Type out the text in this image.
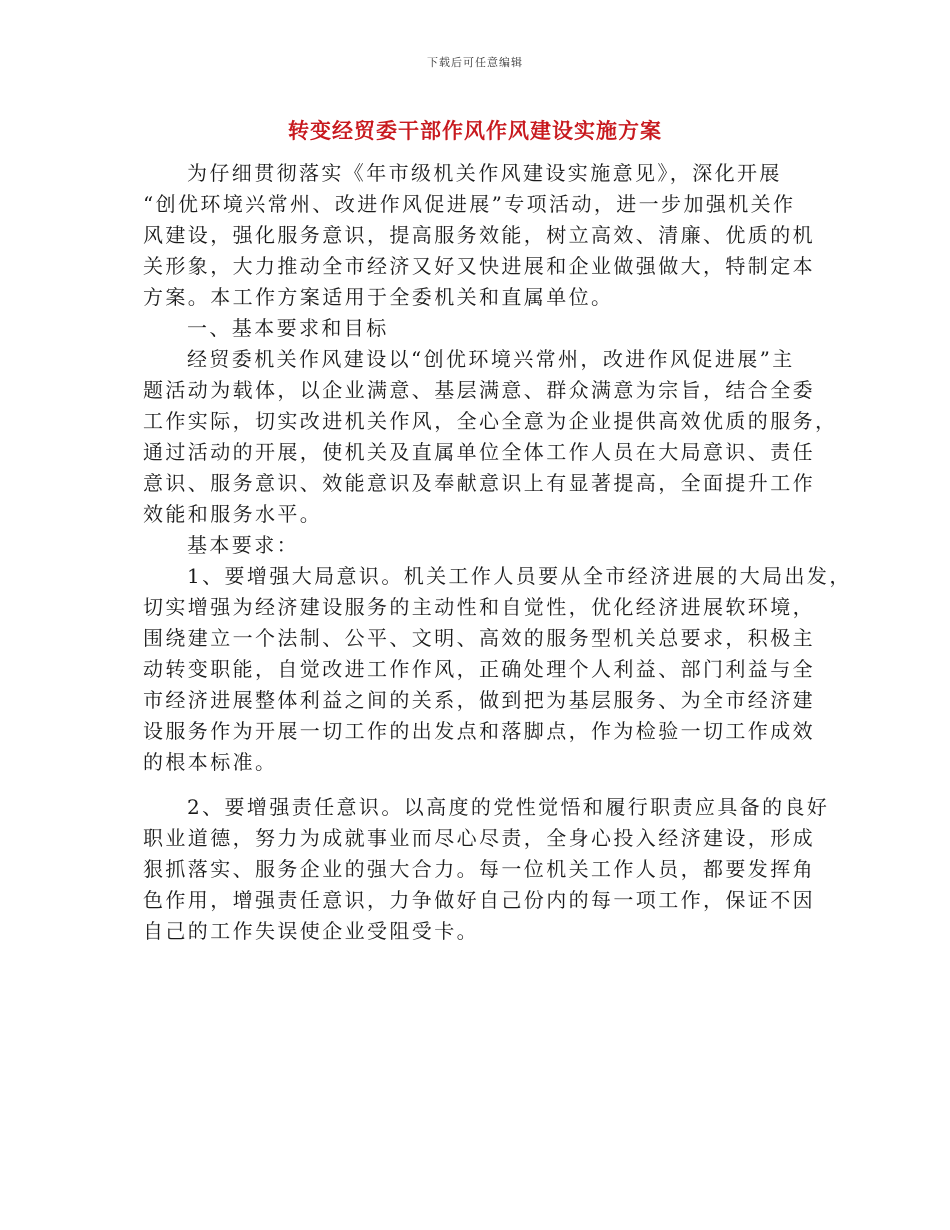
下载后可任意编辑
转变经贸委干部作风作风建设实施方案
为仔细贯彻落实《年市级机关作风建设实施意见》，深化开展
“创优环境兴常州、改进作风促进展”专项活动，进一步加强机关作
风建设，强化服务意识，提高服务效能，树立高效、清廉、优质的机
关形象，大力推动全市经济又好又快进展和企业做强做大，特制定本
方案。本工作方案适用于全委机关和直属单位。
一、基本要求和目标
经贸委机关作风建设以“创优环境兴常州，改进作风促进展”主
题活动为载体，以企业满意、基层满意、群众满意为宗旨，结合全委
工作实际，切实改进机关作风，全心全意为企业提供高效优质的服务，
通过活动的开展，使机关及直属单位全体工作人员在大局意识、责任
意识、服务意识、效能意识及奉献意识上有显著提高，全面提升工作
效能和服务水平。
基本要求：
1、要增强大局意识。机关工作人员要从全市经济进展的大局出发，
切实增强为经济建设服务的主动性和自觉性，优化经济进展软环境，
围绕建立一个法制、公平、文明、高效的服务型机关总要求，积极主
动转变职能，自觉改进工作作风，正确处理个人利益、部门利益与全
市经济进展整体利益之间的关系，做到把为基层服务、为全市经济建
设服务作为开展一切工作的出发点和落脚点，作为检验一切工作成效
的根本标准。
2、要增强责任意识。以高度的党性觉悟和履行职责应具备的良好
职业道德，努力为成就事业而尽心尽责，全身心投入经济建设，形成
狠抓落实、服务企业的强大合力。每一位机关工作人员，都要发挥角
色作用，增强责任意识，力争做好自己份内的每一项工作，保证不因
自己的工作失误使企业受阻受卡。
